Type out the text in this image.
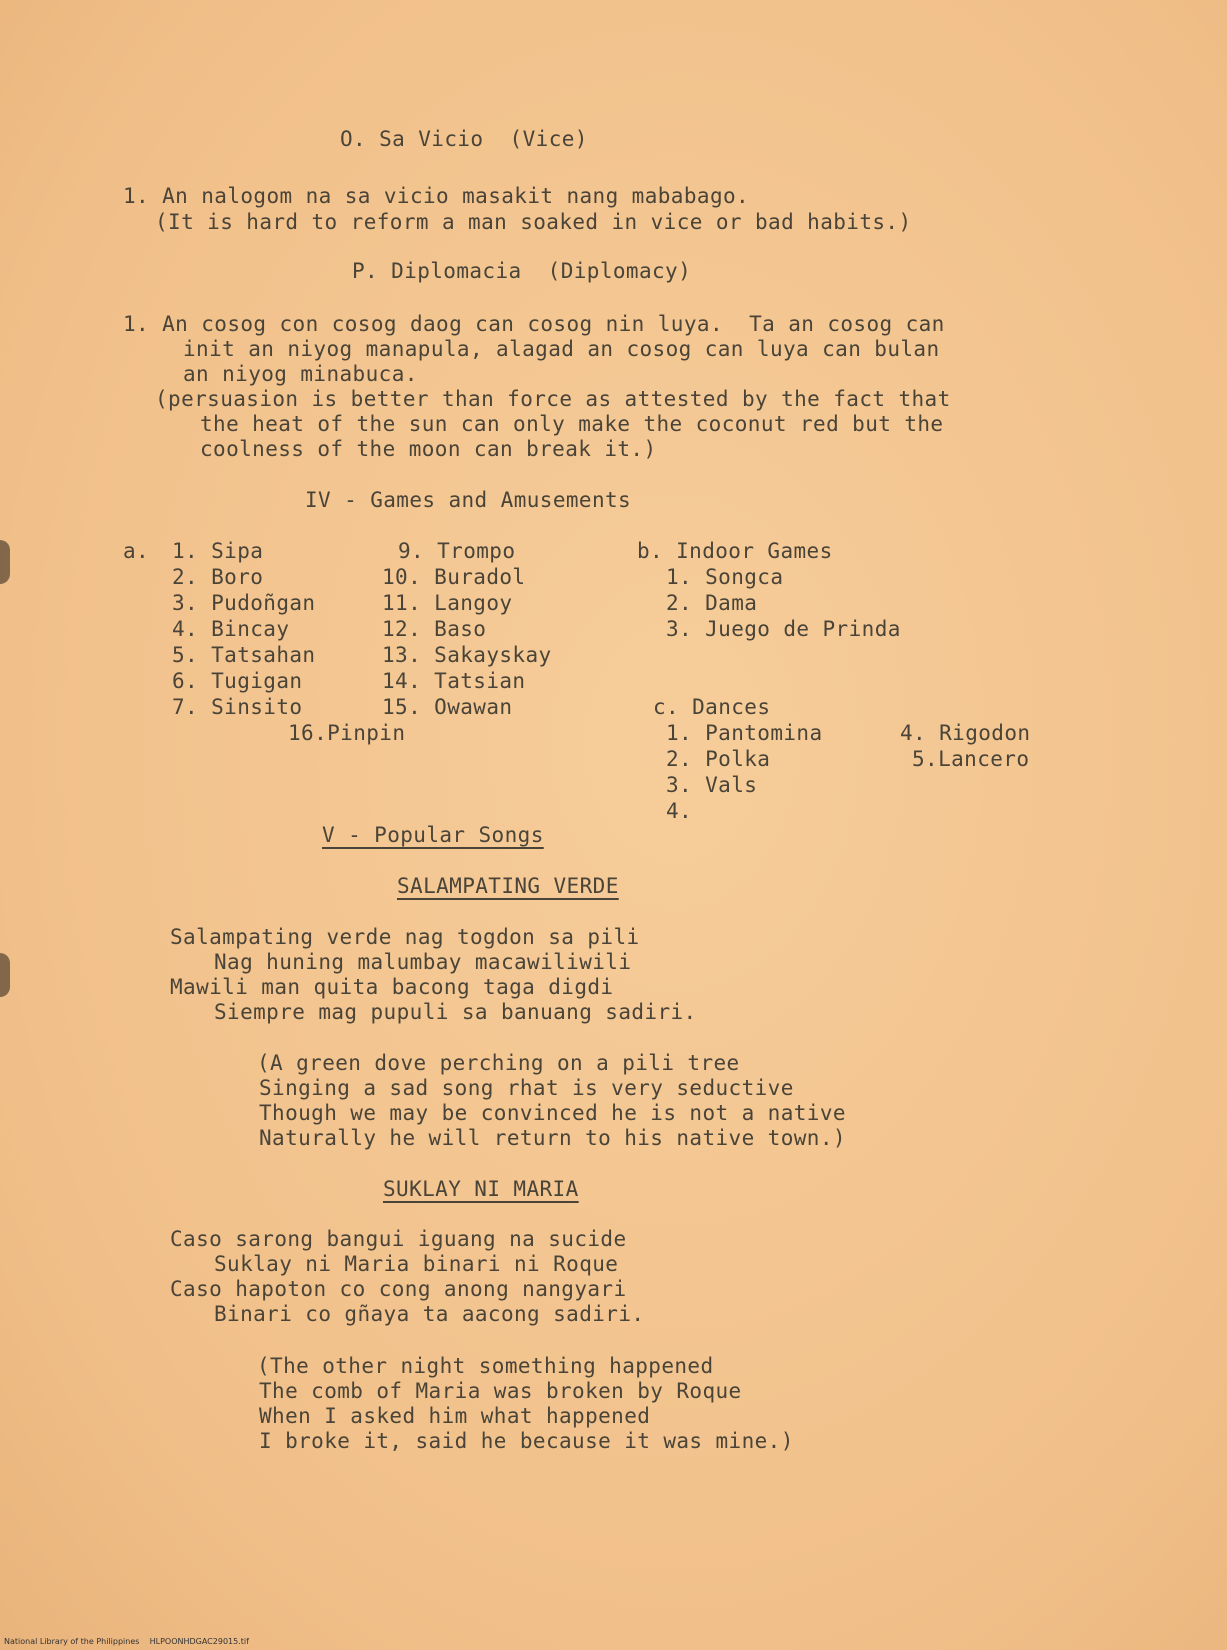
O. Sa Vicio  (Vice)
1. An nalogom na sa vicio masakit nang mababago.
(It is hard to reform a man soaked in vice or bad habits.)
P. Diplomacia  (Diplomacy)
1. An cosog con cosog daog can cosog nin luya.  Ta an cosog can
init an niyog manapula, alagad an cosog can luya can bulan
an niyog minabuca.
(persuasion is better than force as attested by the fact that
the heat of the sun can only make the coconut red but the
coolness of the moon can break it.)
IV - Games and Amusements
a. 1. Sipa
2. Boro
3. Pudoñgan
4. Bincay
5. Tatsahan
6. Tugigan
7. Sinsito
9. Trompo
10. Buradol
11. Langoy
12. Baso
13. Sakayskay
14. Tatsian
15. Owawan
16.Pinpin
b. Indoor Games
1. Songca
2. Dama
3. Juego de Prinda
c. Dances
1. Pantomina
2. Polka
3. Vals
4.
4. Rigodon
5.Lancero
V - Popular Songs
SALAMPATING VERDE
Salampating verde nag togdon sa pili
Nag huning malumbay macawiliwili
Mawili man quita bacong taga digdi
Siempre mag pupuli sa banuang sadiri.
(A green dove perching on a pili tree
Singing a sad song rhat is very seductive
Though we may be convinced he is not a native
Naturally he will return to his native town.)
SUKLAY NI MARIA
Caso sarong bangui iguang na sucide
Suklay ni Maria binari ni Roque
Caso hapoton co cong anong nangyari
Binari co gñaya ta aacong sadiri.
(The other night something happened
The comb of Maria was broken by Roque
When I asked him what happened
I broke it, said he because it was mine.)
National Library of the Philippines    HLPOONHDGAC29015.tif
